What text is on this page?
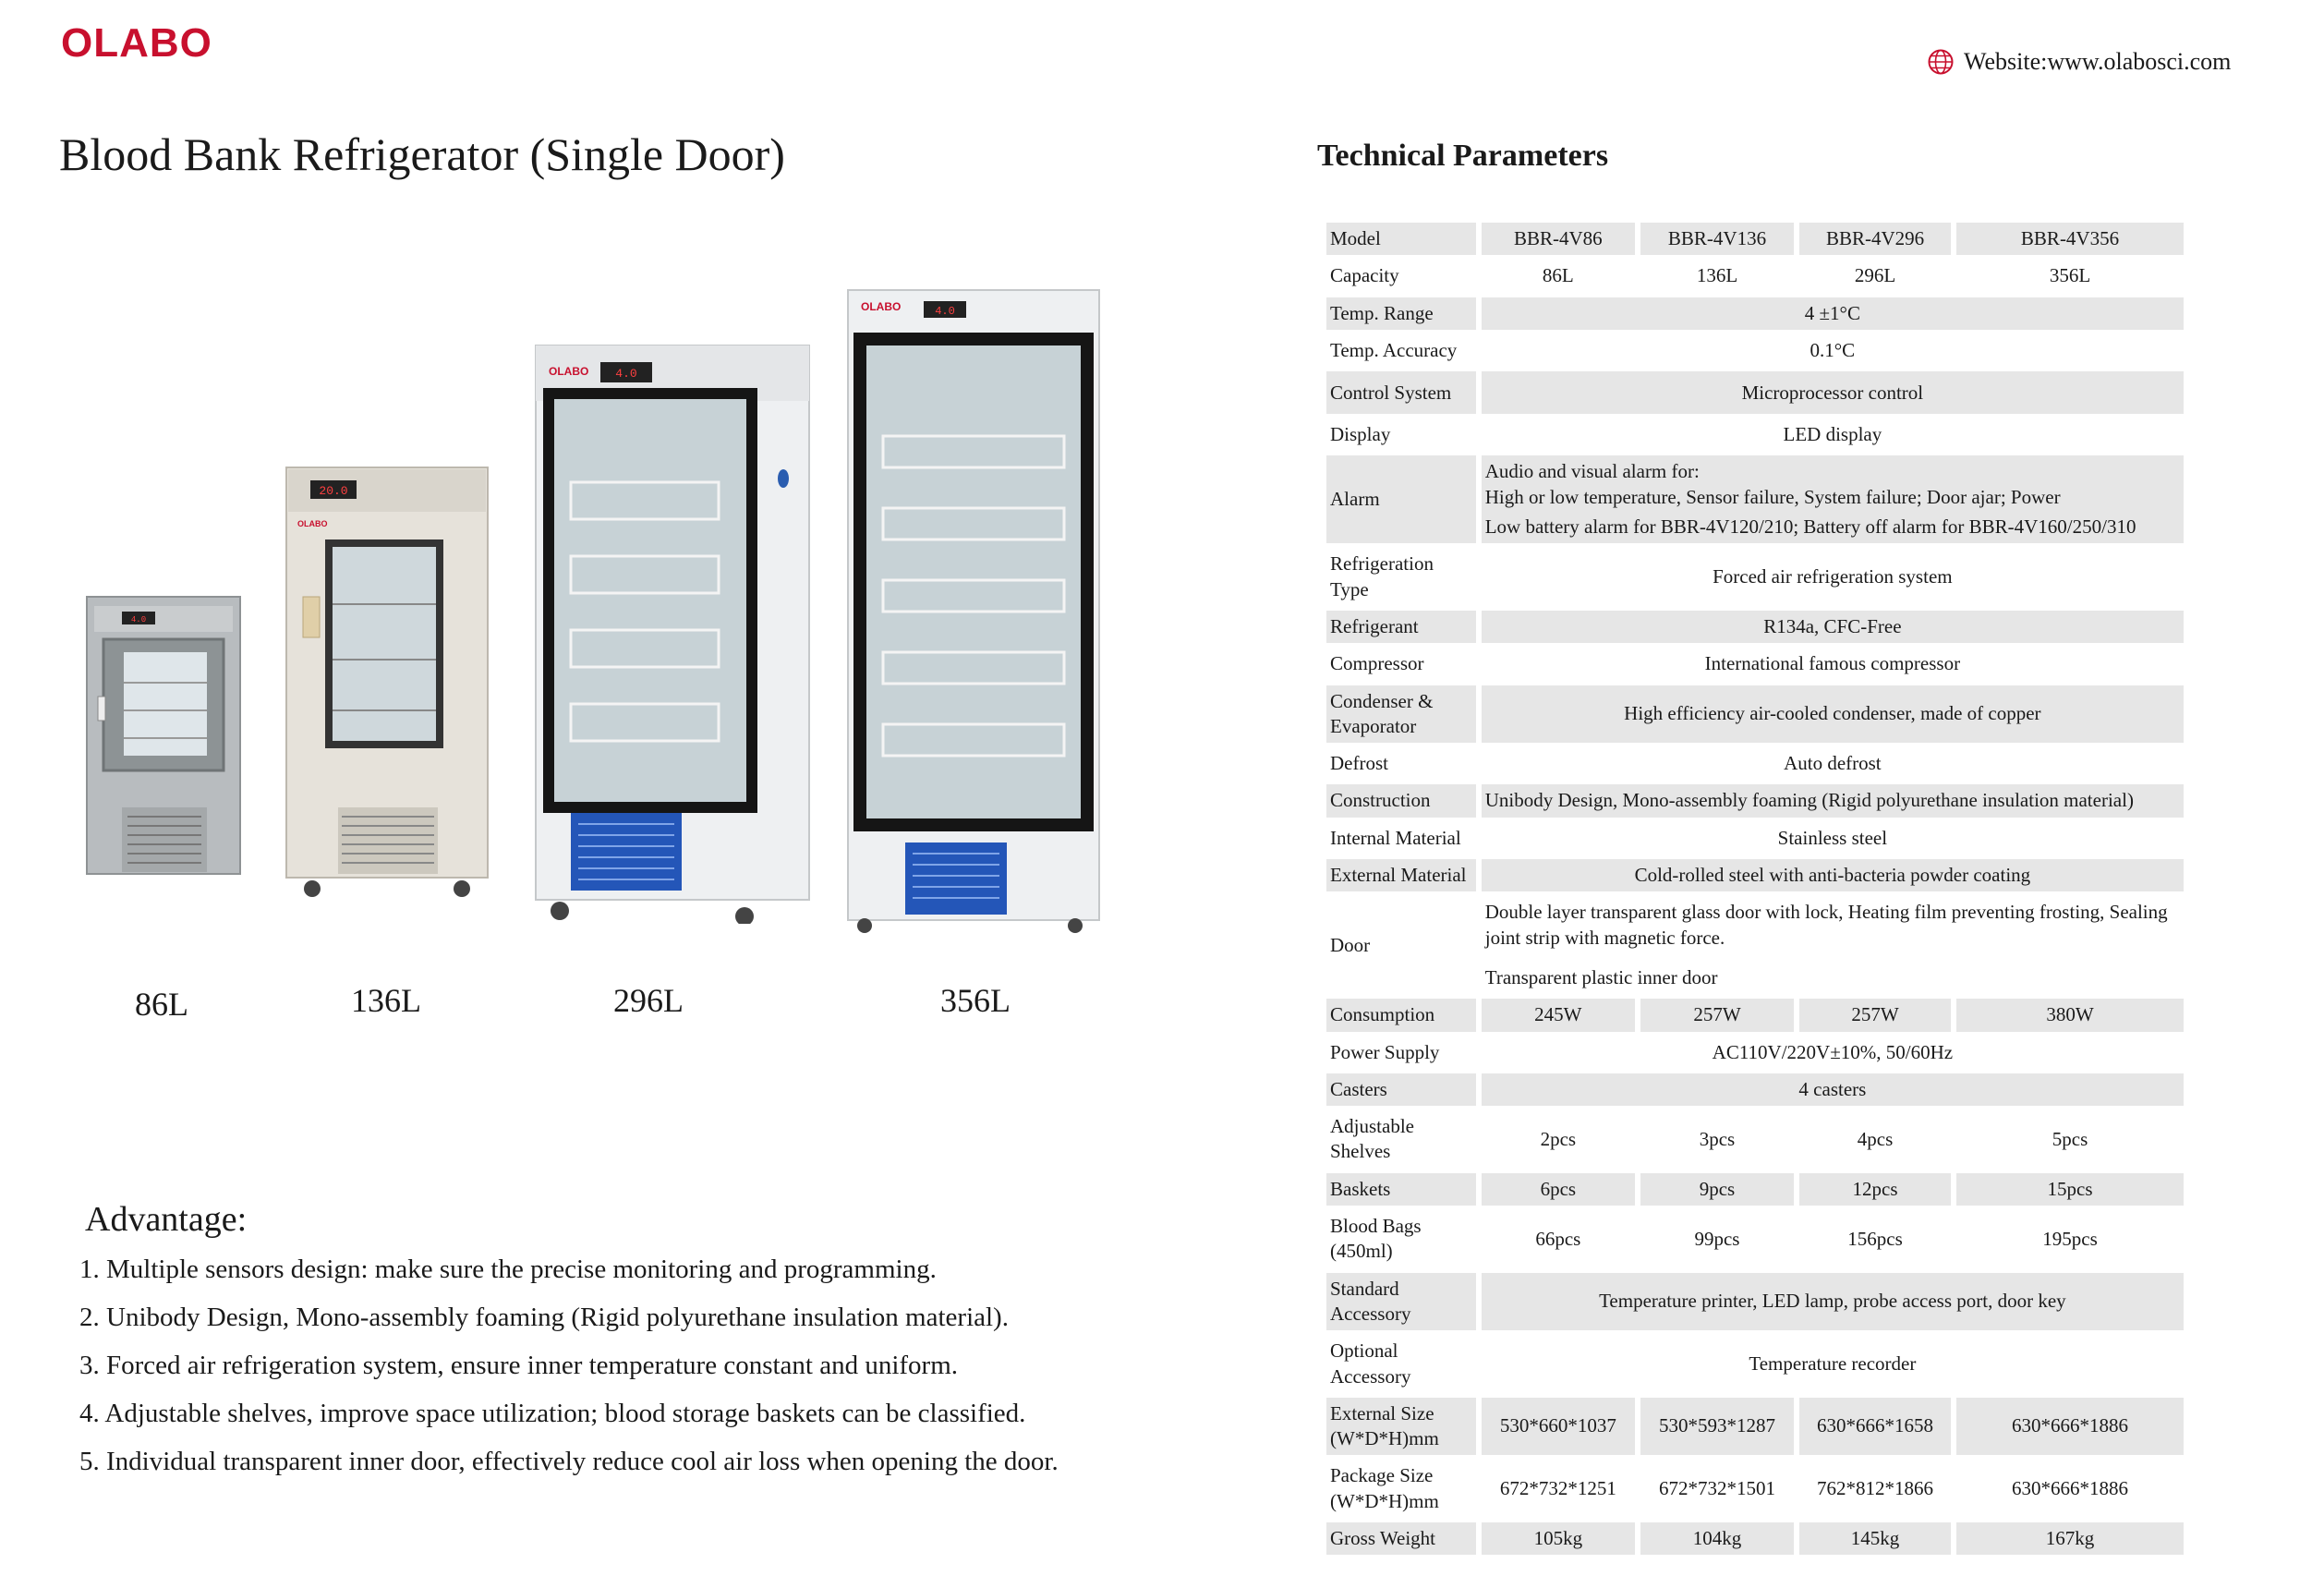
OLABO	Website:www.olabosci.com
Blood Bank Refrigerator (Single Door)	Technical Parameters
4.0
20.0
OLABO
OLABO 4.0
OLABO	4.0
86L	136L	296L	356L
Advantage:
1. Multiple sensors design: make sure the precise monitoring and programming.
2. Unibody Design, Mono-assembly foaming (Rigid polyurethane insulation material).
3. Forced air refrigeration system, ensure inner temperature constant and uniform.
4. Adjustable shelves, improve space utilization; blood storage baskets can be classified.
5. Individual transparent inner door, effectively reduce cool air loss when opening the door.
Model	BBR-4V86	BBR-4V136	BBR-4V296	BBR-4V356
Capacity	86L	136L	296L	356L
Temp. Range	4 ±1°C			
Temp. Accuracy	0.1°C			
Control System	Microprocessor control			
Display	LED display			
Alarm	Audio and visual alarm for:
High or low temperature, Sensor failure, System failure; Door ajar; Power
Low battery alarm for BBR-4V120/210; Battery off alarm for BBR-4V160/250/310			

Refrigeration Type	Forced air refrigeration system			
Refrigerant	R134a, CFC-Free			
Compressor	International famous compressor			
Condenser & Evaporator	High efficiency air-cooled condenser, made of copper			
Defrost	Auto defrost			
Construction	Unibody Design, Mono-assembly foaming (Rigid polyurethane insulation material)			
Internal Material	Stainless steel			
External Material	Cold-rolled steel with anti-bacteria powder coating			
Door	Double layer transparent glass door with lock, Heating film preventing frosting, Sealing joint strip with magnetic force.
Transparent plastic inner door			

Consumption	245W	257W	257W	380W
Power Supply	AC110V/220V±10%, 50/60Hz			
Casters	4 casters			
Adjustable Shelves	2pcs	3pcs	4pcs	5pcs
Baskets	6pcs	9pcs	12pcs	15pcs
Blood Bags (450ml)	66pcs	99pcs	156pcs	195pcs
Standard Accessory	Temperature printer, LED lamp, probe access port, door key			
Optional Accessory	Temperature recorder			
External Size (W*D*H)mm	530*660*1037	530*593*1287	630*666*1658	630*666*1886
Package Size (W*D*H)mm	672*732*1251	672*732*1501	762*812*1866	630*666*1886
Gross Weight	105kg	104kg	145kg	167kg
